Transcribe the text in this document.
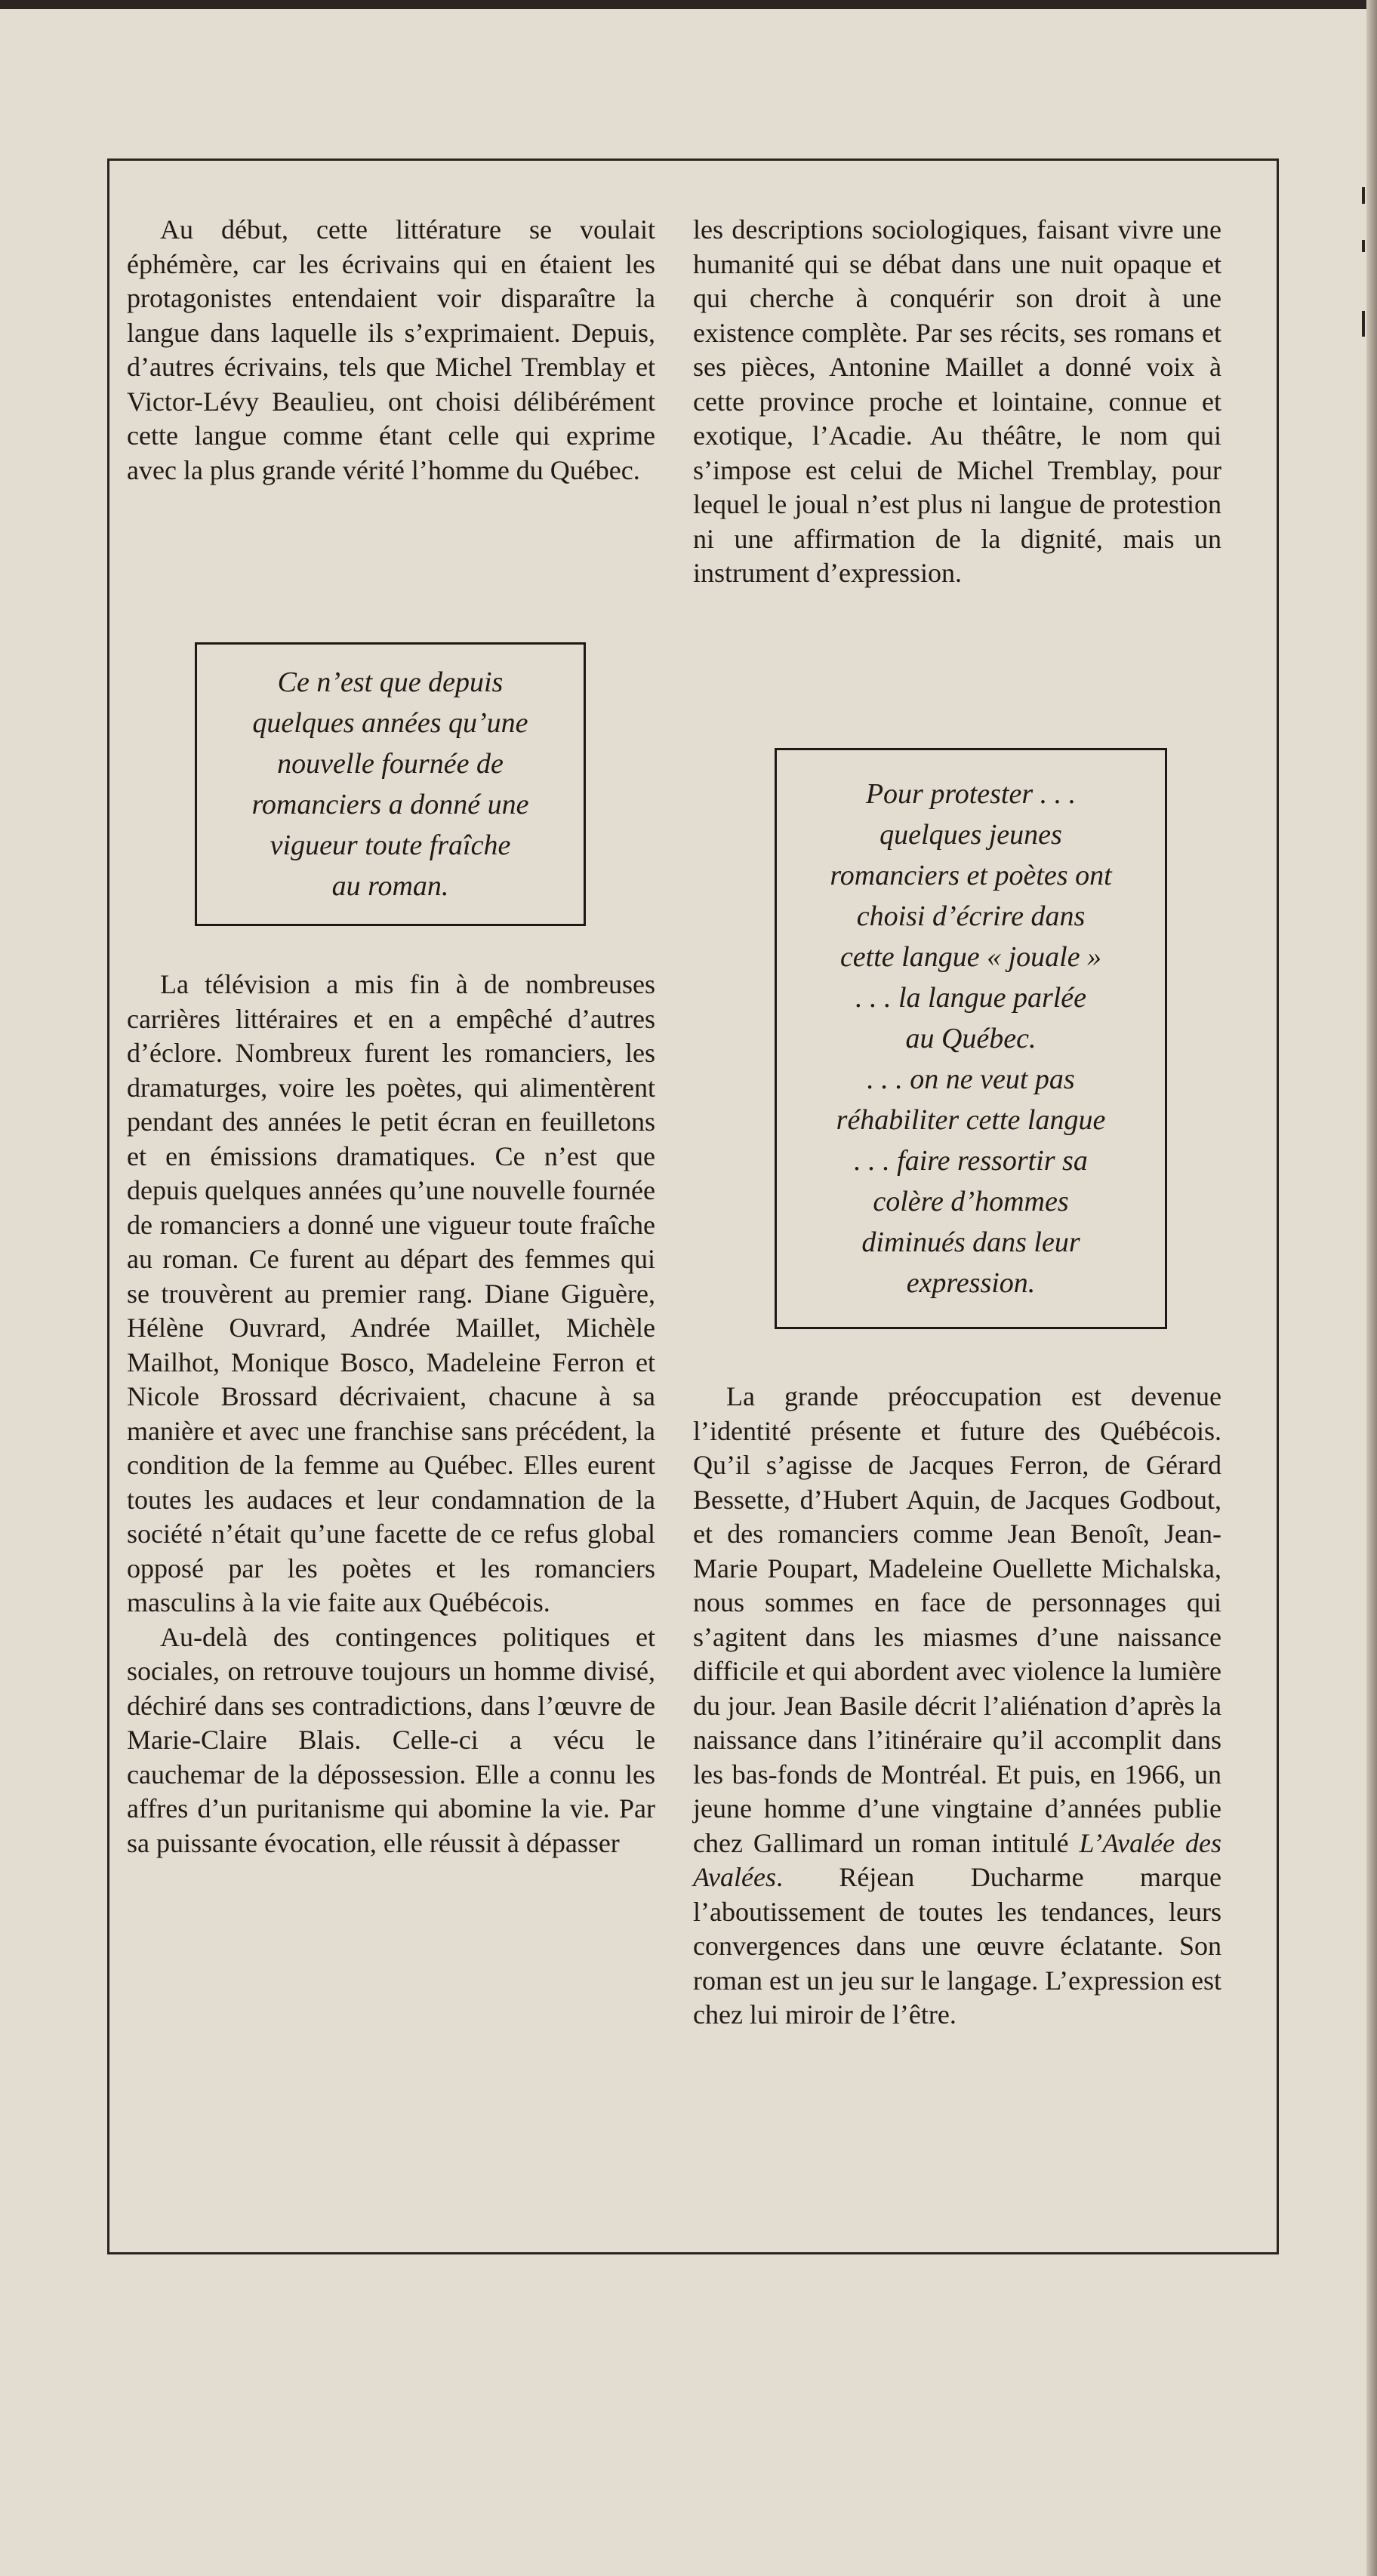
Au début, cette littérature se voulait éphémère, car les écrivains qui en étaient les protagonistes entendaient voir disparaître la langue dans laquelle ils s’exprimaient. Depuis, d’autres écrivains, tels que Michel Tremblay et Victor-Lévy Beaulieu, ont choisi délibérément cette langue comme étant celle qui exprime avec la plus grande vérité l’homme du Québec.

Ce n’est que depuis
quelques années qu’une
nouvelle fournée de
romanciers a donné une
vigueur toute fraîche
au roman.

La télévision a mis fin à de nombreuses carrières littéraires et en a empêché d’autres d’éclore. Nombreux furent les romanciers, les dramaturges, voire les poètes, qui alimentèrent pendant des années le petit écran en feuilletons et en émissions dramatiques. Ce n’est que depuis quelques années qu’une nouvelle fournée de romanciers a donné une vigueur toute fraîche au roman. Ce furent au départ des femmes qui se trouvèrent au premier rang. Diane Giguère, Hélène Ouvrard, Andrée Maillet, Michèle Mailhot, Monique Bosco, Madeleine Ferron et Nicole Brossard décrivaient, chacune à sa manière et avec une franchise sans précédent, la condition de la femme au Québec. Elles eurent toutes les audaces et leur condamnation de la société n’était qu’une facette de ce refus global opposé par les poètes et les romanciers masculins à la vie faite aux Québécois.

Au-delà des contingences politiques et sociales, on retrouve toujours un homme divisé, déchiré dans ses contradictions, dans l’œuvre de Marie-Claire Blais. Celle-ci a vécu le cauchemar de la dépossession. Elle a connu les affres d’un puritanisme qui abomine la vie. Par sa puissante évocation, elle réussit à dépasser

les descriptions sociologiques, faisant vivre une humanité qui se débat dans une nuit opaque et qui cherche à conquérir son droit à une existence complète. Par ses récits, ses romans et ses pièces, Antonine Maillet a donné voix à cette province proche et lointaine, connue et exotique, l’Acadie. Au théâtre, le nom qui s’impose est celui de Michel Tremblay, pour lequel le joual n’est plus ni langue de protestion ni une affirmation de la dignité, mais un instrument d’expression.

Pour protester . . .
quelques jeunes
romanciers et poètes ont
choisi d’écrire dans
cette langue « jouale »
. . . la langue parlée
au Québec.
. . . on ne veut pas
réhabiliter cette langue
. . . faire ressortir sa
colère d’hommes
diminués dans leur
expression.

La grande préoccupation est devenue l’identité présente et future des Québécois. Qu’il s’agisse de Jacques Ferron, de Gérard Bessette, d’Hubert Aquin, de Jacques Godbout, et des romanciers comme Jean Benoît, Jean-Marie Poupart, Madeleine Ouellette Michalska, nous sommes en face de personnages qui s’agitent dans les miasmes d’une naissance difficile et qui abordent avec violence la lumière du jour. Jean Basile décrit l’aliénation d’après la naissance dans l’itinéraire qu’il accomplit dans les bas-fonds de Montréal. Et puis, en 1966, un jeune homme d’une vingtaine d’années publie chez Gallimard un roman intitulé L’Avalée des Avalées. Réjean Ducharme marque l’aboutissement de toutes les tendances, leurs convergences dans une œuvre éclatante. Son roman est un jeu sur le langage. L’expression est chez lui miroir de l’être.
